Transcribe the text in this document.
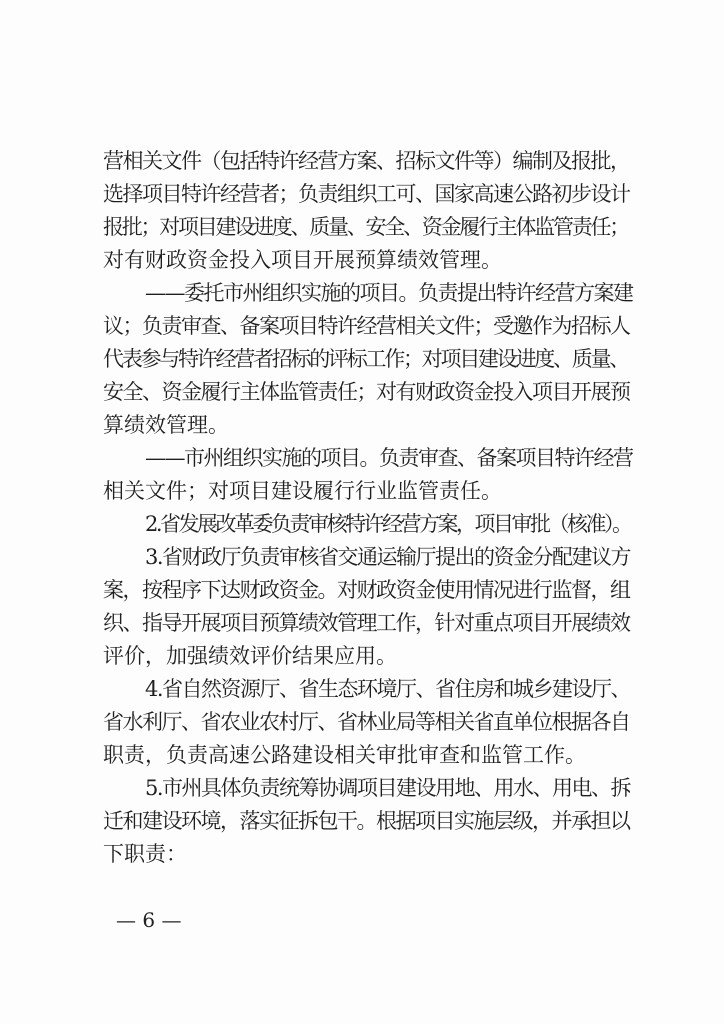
营相关文件（包括特许经营方案、招标文件等）编制及报批，
选择项目特许经营者；负责组织工可、国家高速公路初步设计
报批；对项目建设进度、质量、安全、资金履行主体监管责任；
对有财政资金投入项目开展预算绩效管理。
——委托市州组织实施的项目。负责提出特许经营方案建
议；负责审查、备案项目特许经营相关文件；受邀作为招标人
代表参与特许经营者招标的评标工作；对项目建设进度、质量、
安全、资金履行主体监管责任；对有财政资金投入项目开展预
算绩效管理。
——市州组织实施的项目。负责审查、备案项目特许经营
相关文件；对项目建设履行行业监管责任。
2.省发展改革委负责审核特许经营方案，项目审批（核准）。
3.省财政厅负责审核省交通运输厅提出的资金分配建议方
案，按程序下达财政资金。对财政资金使用情况进行监督，组
织、指导开展项目预算绩效管理工作，针对重点项目开展绩效
评价，加强绩效评价结果应用。
4.省自然资源厅、省生态环境厅、省住房和城乡建设厅、
省水利厅、省农业农村厅、省林业局等相关省直单位根据各自
职责，负责高速公路建设相关审批审查和监管工作。
5.市州具体负责统筹协调项目建设用地、用水、用电、拆
迁和建设环境，落实征拆包干。根据项目实施层级，并承担以
下职责：
— 6 —
